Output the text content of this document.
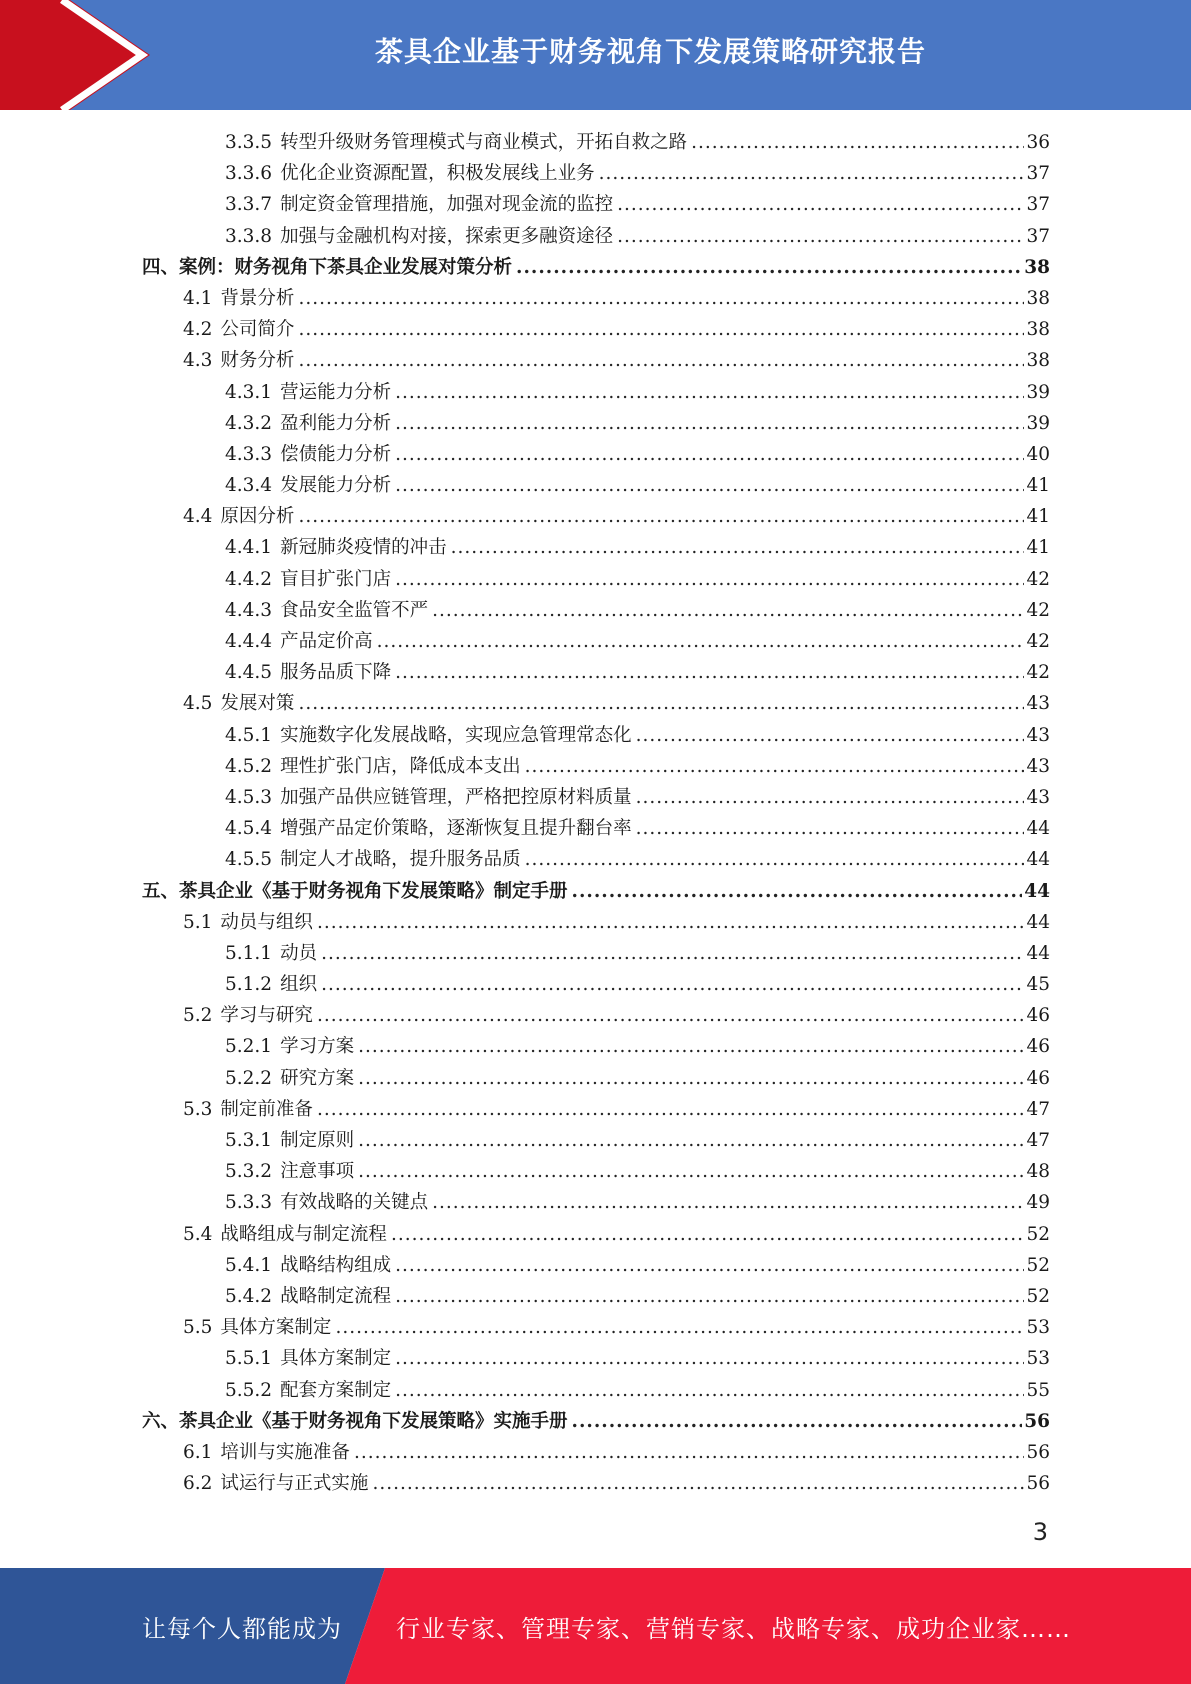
茶具企业基于财务视角下发展策略研究报告
3.3.5 转型升级财务管理模式与商业模式，开拓自救之路 .....	36
3.3.6 优化企业资源配置，积极发展线上业务 .....	37
3.3.7 制定资金管理措施，加强对现金流的监控 .....	37
3.3.8 加强与金融机构对接，探索更多融资途径 .....	37
四、案例：财务视角下茶具企业发展对策分析 .....	38
4.1 背景分析 .....	38
4.2 公司简介 .....	38
4.3 财务分析 .....	38
4.3.1 营运能力分析 .....	39
4.3.2 盈利能力分析 .....	39
4.3.3 偿债能力分析 .....	40
4.3.4 发展能力分析 .....	41
4.4 原因分析 .....	41
4.4.1 新冠肺炎疫情的冲击 .....	41
4.4.2 盲目扩张门店 .....	42
4.4.3 食品安全监管不严 .....	42
4.4.4 产品定价高 .....	42
4.4.5 服务品质下降 .....	42
4.5 发展对策 .....	43
4.5.1 实施数字化发展战略，实现应急管理常态化 .....	43
4.5.2 理性扩张门店，降低成本支出 .....	43
4.5.3 加强产品供应链管理，严格把控原材料质量 .....	43
4.5.4 增强产品定价策略，逐渐恢复且提升翻台率 .....	44
4.5.5 制定人才战略，提升服务品质 .....	44
五、茶具企业《基于财务视角下发展策略》制定手册 .....	44
5.1 动员与组织 .....	44
5.1.1 动员 .....	44
5.1.2 组织 .....	45
5.2 学习与研究 .....	46
5.2.1 学习方案 .....	46
5.2.2 研究方案 .....	46
5.3 制定前准备 .....	47
5.3.1 制定原则 .....	47
5.3.2 注意事项 .....	48
5.3.3 有效战略的关键点 .....	49
5.4 战略组成与制定流程 .....	52
5.4.1 战略结构组成 .....	52
5.4.2 战略制定流程 .....	52
5.5 具体方案制定 .....	53
5.5.1 具体方案制定 .....	53
5.5.2 配套方案制定 .....	55
六、茶具企业《基于财务视角下发展策略》实施手册 .....	56
6.1 培训与实施准备 .....	56
6.2 试运行与正式实施 .....	56
3
让每个人都能成为 行业专家、管理专家、营销专家、战略专家、成功企业家……
